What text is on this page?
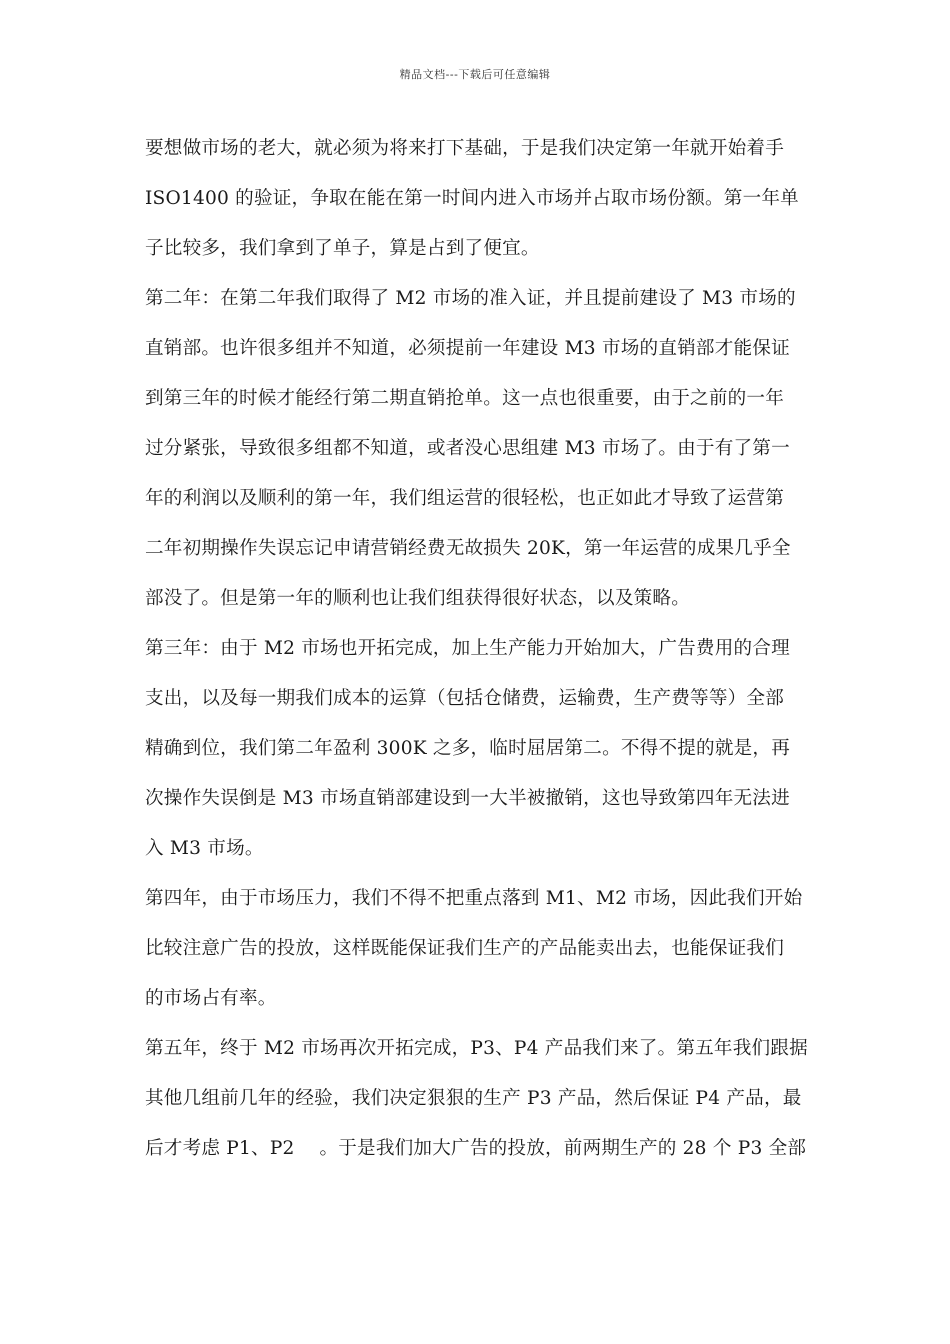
精品文档---下载后可任意编辑
要想做市场的老大，就必须为将来打下基础，于是我们决定第一年就开始着手
ISO1400 的验证，争取在能在第一时间内进入市场并占取市场份额。第一年单
子比较多，我们拿到了单子，算是占到了便宜。
第二年：在第二年我们取得了 M2 市场的准入证，并且提前建设了 M3 市场的
直销部。也许很多组并不知道，必须提前一年建设 M3 市场的直销部才能保证
到第三年的时候才能经行第二期直销抢单。这一点也很重要，由于之前的一年
过分紧张，导致很多组都不知道，或者没心思组建 M3 市场了。由于有了第一
年的利润以及顺利的第一年，我们组运营的很轻松，也正如此才导致了运营第
二年初期操作失误忘记申请营销经费无故损失 20K，第一年运营的成果几乎全
部没了。但是第一年的顺利也让我们组获得很好状态，以及策略。
第三年：由于 M2 市场也开拓完成，加上生产能力开始加大，广告费用的合理
支出，以及每一期我们成本的运算（包括仓储费，运输费，生产费等等）全部
精确到位，我们第二年盈利 300K 之多，临时屈居第二。不得不提的就是，再
次操作失误倒是 M3 市场直销部建设到一大半被撤销，这也导致第四年无法进
入 M3 市场。
第四年，由于市场压力，我们不得不把重点落到 M1、M2 市场，因此我们开始
比较注意广告的投放，这样既能保证我们生产的产品能卖出去，也能保证我们
的市场占有率。
第五年，终于 M2 市场再次开拓完成，P3、P4 产品我们来了。第五年我们跟据
其他几组前几年的经验，我们决定狠狠的生产 P3 产品，然后保证 P4 产品，最
后才考虑 P1、P2 　。于是我们加大广告的投放，前两期生产的 28 个 P3 全部
